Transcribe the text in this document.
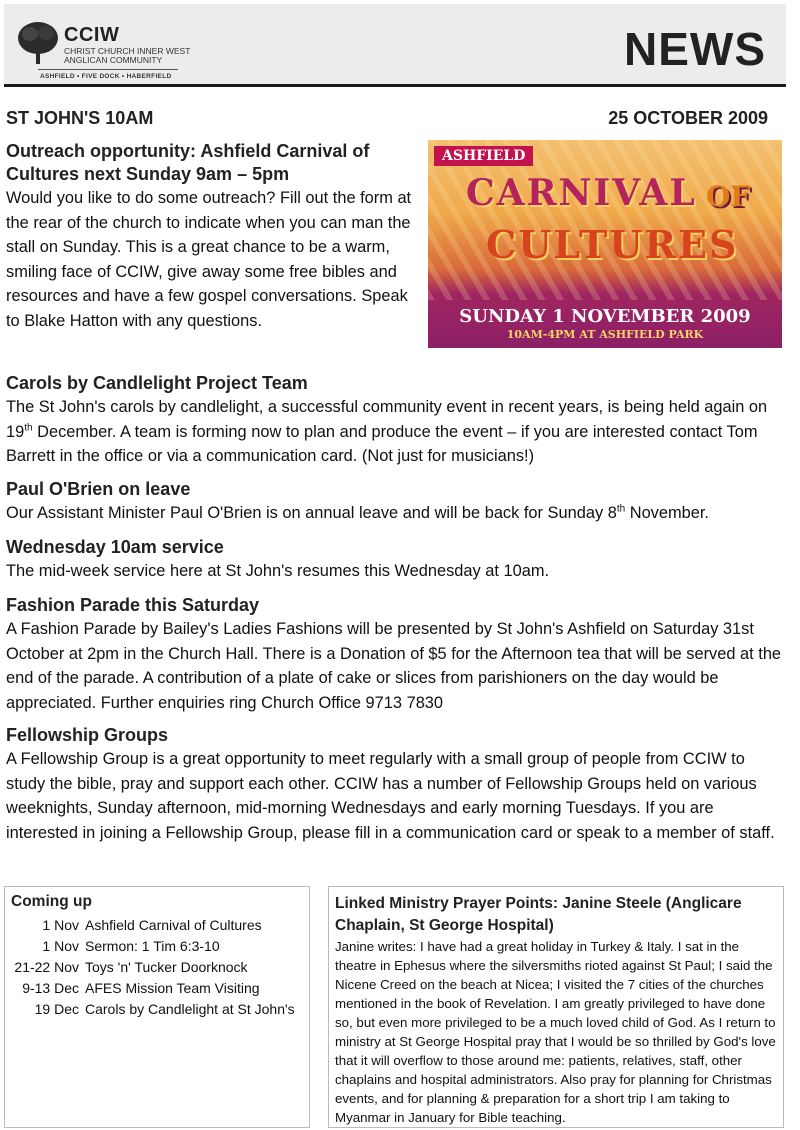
CCIW
CHRIST CHURCH INNER WEST ANGLICAN COMMUNITY
ASHFIELD • FIVE DOCK • HABERFIELD
NEWS
ST JOHN'S 10AM	25 OCTOBER 2009
Outreach opportunity: Ashfield Carnival of Cultures next Sunday 9am – 5pm

Would you like to do some outreach? Fill out the form at the rear of the church to indicate when you can man the stall on Sunday. This is a great chance to be a warm, smiling face of CCIW, give away some free bibles and resources and have a few gospel conversations. Speak to Blake Hatton with any questions.

ASHFIELD
CARNIVAL OF
CULTURES
SUNDAY 1 NOVEMBER 2009
10AM-4PM AT ASHFIELD PARK
Carols by Candlelight Project Team

The St John's carols by candlelight, a successful community event in recent years, is being held again on 19th December. A team is forming now to plan and produce the event – if you are interested contact Tom Barrett in the office or via a communication card. (Not just for musicians!)

Paul O'Brien on leave

Our Assistant Minister Paul O'Brien is on annual leave and will be back for Sunday 8th November.

Wednesday 10am service

The mid-week service here at St John's resumes this Wednesday at 10am.

Fashion Parade this Saturday

A Fashion Parade by Bailey's Ladies Fashions will be presented by St John's Ashfield on Saturday 31st October at 2pm in the Church Hall. There is a Donation of $5 for the Afternoon tea that will be served at the end of the parade. A contribution of a plate of cake or slices from parishioners on the day would be appreciated. Further enquiries ring Church Office 9713 7830

Fellowship Groups

A Fellowship Group is a great opportunity to meet regularly with a small group of people from CCIW to study the bible, pray and support each other. CCIW has a number of Fellowship Groups held on various weeknights, Sunday afternoon, mid-morning Wednesdays and early morning Tuesdays. If you are interested in joining a Fellowship Group, please fill in a communication card or speak to a member of staff.

Coming up
1 Nov Ashfield Carnival of Cultures
1 Nov Sermon: 1 Tim 6:3-10
21-22 Nov Toys 'n' Tucker Doorknock
9-13 Dec AFES Mission Team Visiting
19 Dec Carols by Candlelight at St John's
Linked Ministry Prayer Points: Janine Steele (Anglicare Chaplain, St George Hospital)

Janine writes: I have had a great holiday in Turkey & Italy. I sat in the theatre in Ephesus where the silversmiths rioted against St Paul; I said the Nicene Creed on the beach at Nicea; I visited the 7 cities of the churches mentioned in the book of Revelation. I am greatly privileged to have done so, but even more privileged to be a much loved child of God. As I return to ministry at St George Hospital pray that I would be so thrilled by God's love that it will overflow to those around me: patients, relatives, staff, other chaplains and hospital administrators. Also pray for planning for Christmas events, and for planning & preparation for a short trip I am taking to Myanmar in January for Bible teaching.
